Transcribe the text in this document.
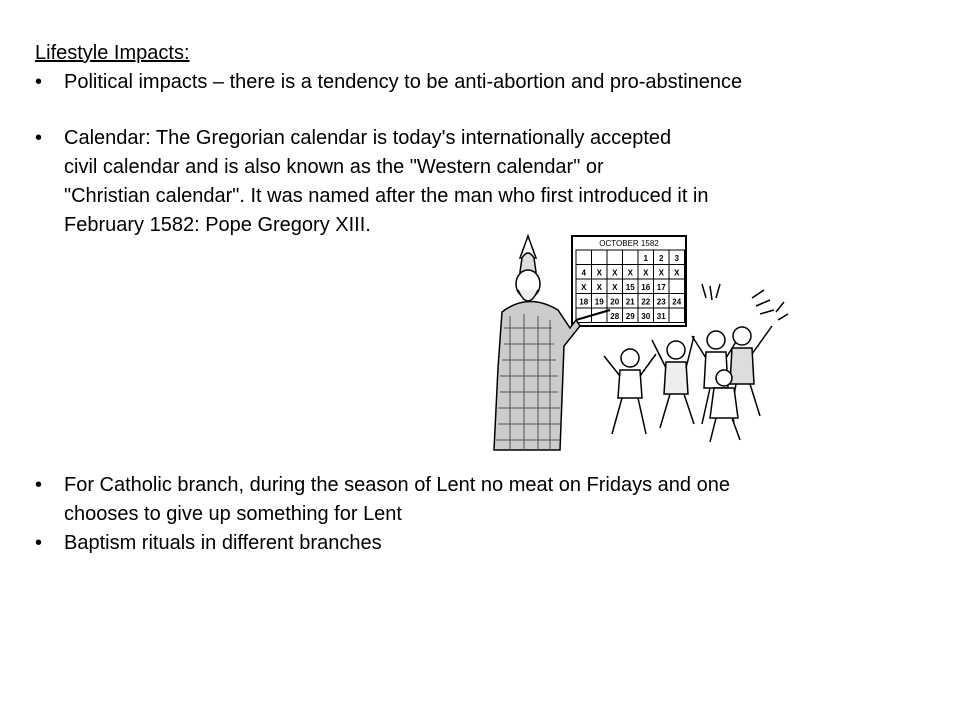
Lifestyle Impacts:
• Political impacts – there is a tendency to be anti-abortion and pro-abstinence
• Calendar: The Gregorian calendar is today's internationally accepted
civil calendar and is also known as the "Western calendar" or
"Christian calendar". It was named after the man who first introduced it in
February 1582: Pope Gregory XIII.
OCTOBER 1582
1 2 3
4 X X X X X X
X X X 15 16 17
18 19 20 21 22 23 24
28 29 30 31
• For Catholic branch, during the season of Lent no meat on Fridays and one
chooses to give up something for Lent
• Baptism rituals in different branches
